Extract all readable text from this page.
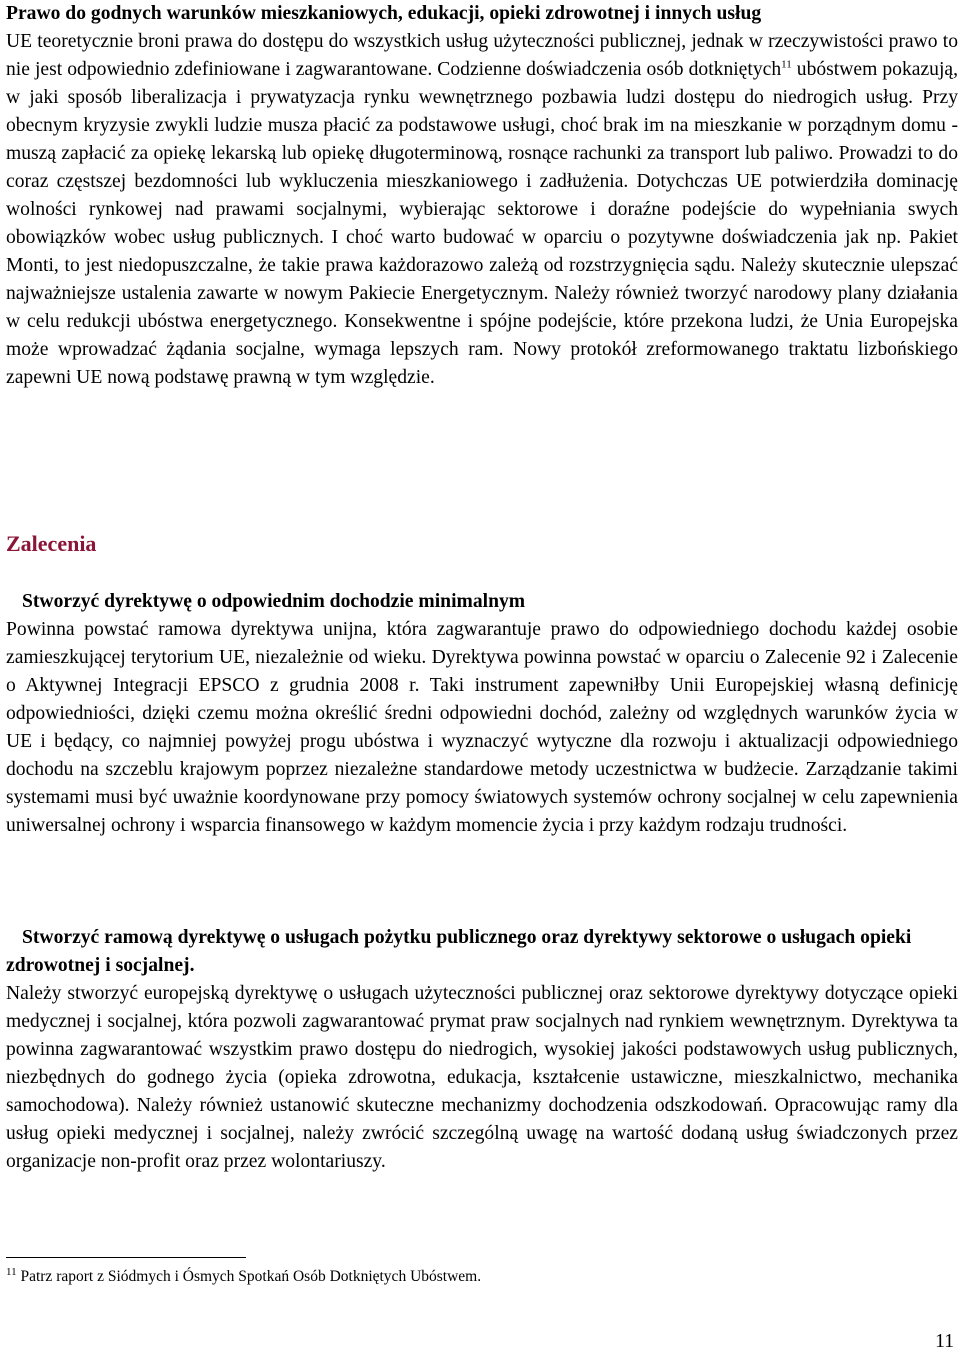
Prawo do godnych warunków mieszkaniowych, edukacji, opieki zdrowotnej i innych usług
UE teoretycznie broni prawa do dostępu do wszystkich usług użyteczności publicznej, jednak w rzeczywistości prawo to nie jest odpowiednio zdefiniowane i zagwarantowane. Codzienne doświadczenia osób dotkniętych$^{11}$ ubóstwem pokazują, w jaki sposób liberalizacja i prywatyzacja rynku wewnętrznego pozbawia ludzi dostępu do niedrogich usług. Przy obecnym kryzysie zwykli ludzie musza płacić za podstawowe usługi, choć brak im na mieszkanie w porządnym domu - muszą zapłacić za opiekę lekarską lub opiekę długoterminową, rosnące rachunki za transport lub paliwo. Prowadzi to do coraz częstszej bezdomności lub wykluczenia mieszkaniowego i zadłużenia. Dotychczas UE potwierdziła dominację wolności rynkowej nad prawami socjalnymi, wybierając sektorowe i doraźne podejście do wypełniania swych obowiązków wobec usług publicznych. I choć warto budować w oparciu o pozytywne doświadczenia jak np. Pakiet Monti, to jest niedopuszczalne, że takie prawa każdorazowo zależą od rozstrzygnięcia sądu. Należy skutecznie ulepszać najważniejsze ustalenia zawarte w nowym Pakiecie Energetycznym. Należy również tworzyć narodowy plany działania w celu redukcji ubóstwa energetycznego. Konsekwentne i spójne podejście, które przekona ludzi, że Unia Europejska może wprowadzać żądania socjalne, wymaga lepszych ram. Nowy protokół zreformowanego traktatu lizbońskiego zapewni UE nową podstawę prawną w tym względzie.

Zalecenia

Stworzyć dyrektywę o odpowiednim dochodzie minimalnym

Powinna powstać ramowa dyrektywa unijna, która zagwarantuje prawo do odpowiedniego dochodu każdej osobie zamieszkującej terytorium UE, niezależnie od wieku. Dyrektywa powinna powstać w oparciu o Zalecenie 92 i Zalecenie o Aktywnej Integracji EPSCO z grudnia 2008 r. Taki instrument zapewniłby Unii Europejskiej własną definicję odpowiedniości, dzięki czemu można określić średni odpowiedni dochód, zależny od względnych warunków życia w UE i będący, co najmniej powyżej progu ubóstwa i wyznaczyć wytyczne dla rozwoju i aktualizacji odpowiedniego dochodu na szczeblu krajowym poprzez niezależne standardowe metody uczestnictwa w budżecie. Zarządzanie takimi systemami musi być uważnie koordynowane przy pomocy światowych systemów ochrony socjalnej w celu zapewnienia uniwersalnej ochrony i wsparcia finansowego w każdym momencie życia i przy każdym rodzaju trudności.

Stworzyć ramową dyrektywę o usługach pożytku publicznego oraz dyrektywy sektorowe o usługach opieki zdrowotnej i socjalnej.

Należy stworzyć europejską dyrektywę o usługach użyteczności publicznej oraz sektorowe dyrektywy dotyczące opieki medycznej i socjalnej, która pozwoli zagwarantować prymat praw socjalnych nad rynkiem wewnętrznym. Dyrektywa ta powinna zagwarantować wszystkim prawo dostępu do niedrogich, wysokiej jakości podstawowych usług publicznych, niezbędnych do godnego życia (opieka zdrowotna, edukacja, kształcenie ustawiczne, mieszkalnictwo, mechanika samochodowa). Należy również ustanowić skuteczne mechanizmy dochodzenia odszkodowań. Opracowując ramy dla usług opieki medycznej i socjalnej, należy zwrócić szczególną uwagę na wartość dodaną usług świadczonych przez organizacje non-profit oraz przez wolontariuszy.

$^{11}$ Patrz raport z Siódmych i Ósmych Spotkań Osób Dotkniętych Ubóstwem.
11
